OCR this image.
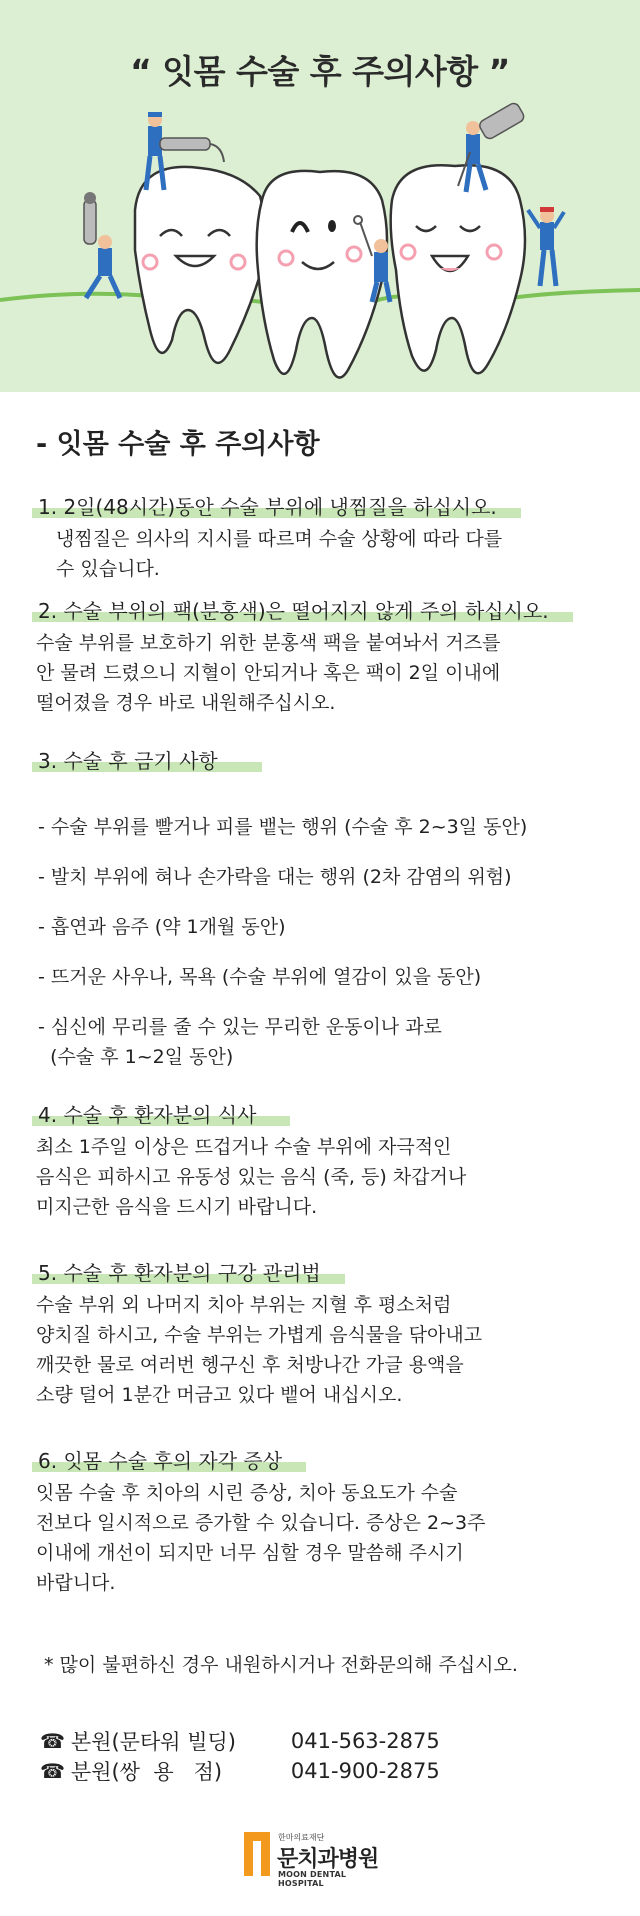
“ 잇몸 수술 후 주의사항 ”
- 잇몸 수술 후 주의사항
1. 2일(48시간)동안 수술 부위에 냉찜질을 하십시오.
냉찜질은 의사의 지시를 따르며 수술 상황에 따라 다를
수 있습니다.
2. 수술 부위의 팩(분홍색)은 떨어지지 않게 주의 하십시오.
수술 부위를 보호하기 위한 분홍색 팩을 붙여놔서 거즈를
안 물려 드렸으니 지혈이 안되거나 혹은 팩이 2일 이내에
떨어졌을 경우 바로 내원해주십시오.
3. 수술 후 금기 사항
- 수술 부위를 빨거나 피를 뱉는 행위 (수술 후 2~3일 동안)
- 발치 부위에 혀나 손가락을 대는 행위 (2차 감염의 위험)
- 흡연과 음주 (약 1개월 동안)
- 뜨거운 사우나, 목욕 (수술 부위에 열감이 있을 동안)
- 심신에 무리를 줄 수 있는 무리한 운동이나 과로
(수술 후 1~2일 동안)
4. 수술 후 환자분의 식사
최소 1주일 이상은 뜨겁거나 수술 부위에 자극적인
음식은 피하시고 유동성 있는 음식 (죽, 등) 차갑거나
미지근한 음식을 드시기 바랍니다.
5. 수술 후 환자분의 구강 관리법
수술 부위 외 나머지 치아 부위는 지혈 후 평소처럼
양치질 하시고, 수술 부위는 가볍게 음식물을 닦아내고
깨끗한 물로 여러번 헹구신 후 처방나간 가글 용액을
소량 덜어 1분간 머금고 있다 뱉어 내십시오.
6. 잇몸 수술 후의 자각 증상
잇몸 수술 후 치아의 시린 증상, 치아 동요도가 수술
전보다 일시적으로 증가할 수 있습니다. 증상은 2~3주
이내에 개선이 되지만 너무 심할 경우 말씀해 주시기
바랍니다.
* 많이 불편하신 경우 내원하시거나 전화문의해 주십시오.
☎ 본원(문타워 빌딩)	041-563-2875
☎ 분원(쌍  용   점)	041-900-2875
한마의료재단
문치과병원
MOON DENTAL HOSPITAL
